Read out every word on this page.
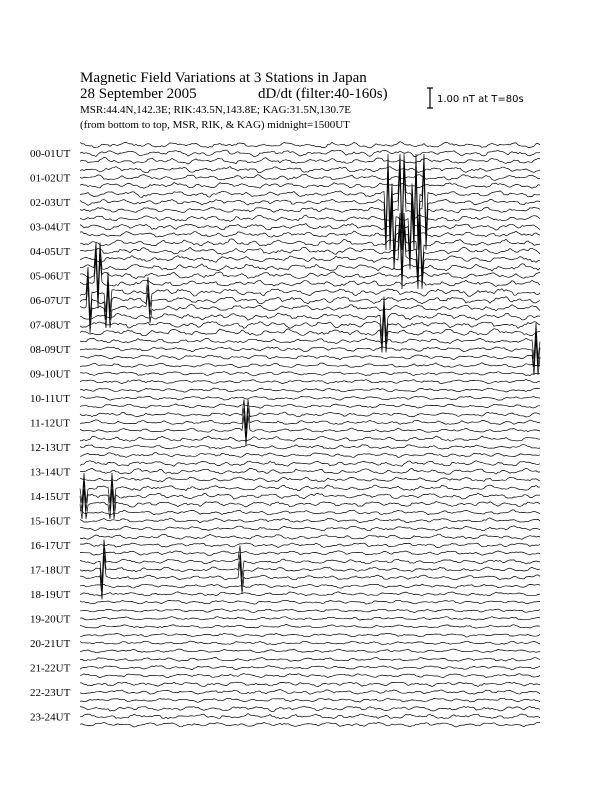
Magnetic Field Variations at 3 Stations in Japan
28 September 2005	dD/dt (filter:40-160s)
MSR:44.4N,142.3E; RIK:43.5N,143.8E; KAG:31.5N,130.7E
(from bottom to top, MSR, RIK, & KAG) midnight=1500UT
1.00 nT at T=80s
00-01UT
01-02UT
02-03UT
03-04UT
04-05UT
05-06UT
06-07UT
07-08UT
08-09UT
09-10UT
10-11UT
11-12UT
12-13UT
13-14UT
14-15UT
15-16UT
16-17UT
17-18UT
18-19UT
19-20UT
20-21UT
21-22UT
22-23UT
23-24UT
